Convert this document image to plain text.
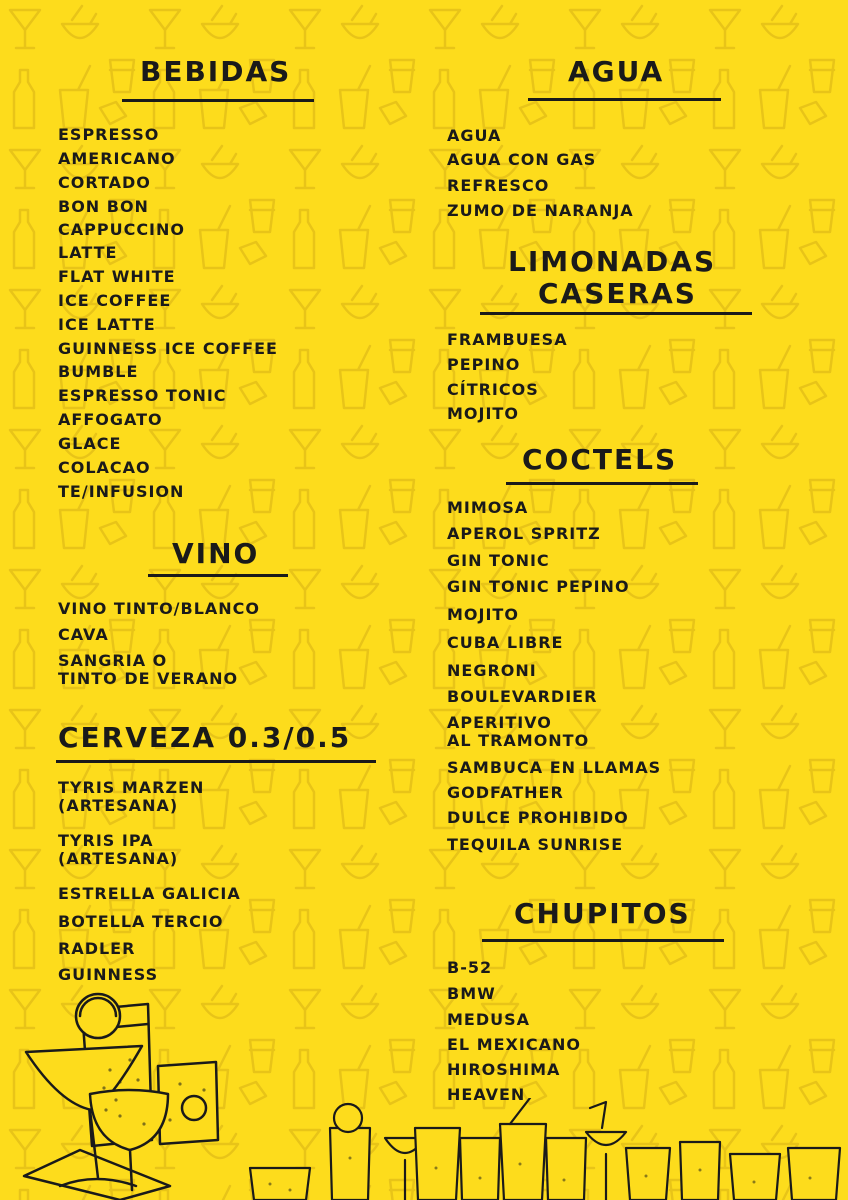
BEBIDAS
ESPRESSO
AMERICANO
CORTADO
BON BON
CAPPUCCINO
LATTE
FLAT WHITE
ICE COFFEE
ICE LATTE
GUINNESS ICE COFFEE
BUMBLE
ESPRESSO TONIC
AFFOGATO
GLACE
COLACAO
TE/INFUSION
VINO
VINO TINTO/BLANCO
CAVA
SANGRIA O
TINTO DE VERANO
CERVEZA 0.3/0.5
TYRIS MARZEN
(ARTESANA)
TYRIS IPA
(ARTESANA)
ESTRELLA GALICIA
BOTELLA TERCIO
RADLER
GUINNESS
AGUA
AGUA
AGUA CON GAS
REFRESCO
ZUMO DE NARANJA
LIMONADAS
CASERAS
FRAMBUESA
PEPINO
CÍTRICOS
MOJITO
COCTELS
MIMOSA
APEROL SPRITZ
GIN TONIC
GIN TONIC PEPINO
MOJITO
CUBA LIBRE
NEGRONI
BOULEVARDIER
APERITIVO
AL TRAMONTO
SAMBUCA EN LLAMAS
GODFATHER
DULCE PROHIBIDO
TEQUILA SUNRISE
CHUPITOS
B-52
BMW
MEDUSA
EL MEXICANO
HIROSHIMA
HEAVEN
